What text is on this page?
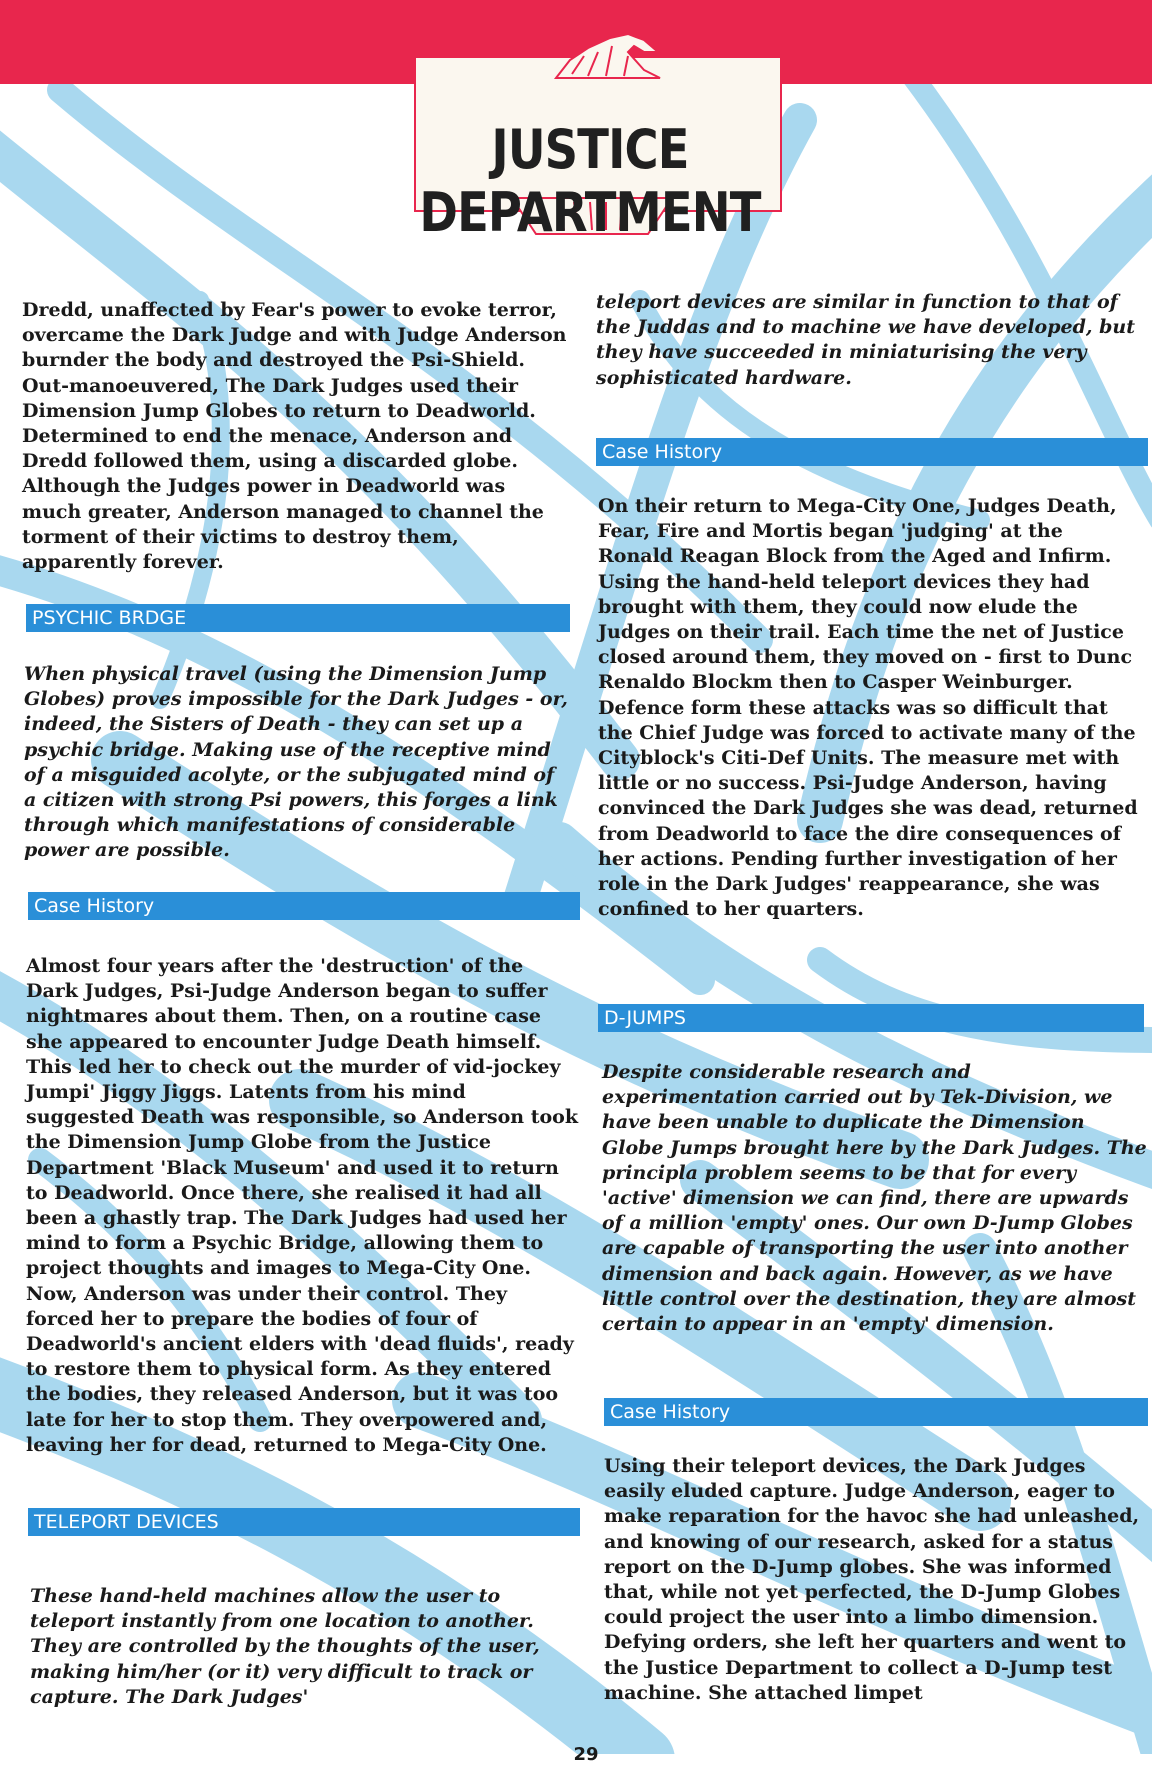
JUSTICE DEPARTMENT

Dredd, unaffected by Fear's power to evoke terror, overcame the Dark Judge and with Judge Anderson burnder the body and destroyed the Psi-Shield. Out-manoeuvered, The Dark Judges used their Dimension Jump Globes to return to Deadworld. Determined to end the menace, Anderson and Dredd followed them, using a discarded globe. Although the Judges power in Deadworld was much greater, Anderson managed to channel the torment of their victims to destroy them, apparently forever.

PSYCHIC BRDGE

When physical travel (using the Dimension Jump Globes) proves impossible for the Dark Judges - or, indeed, the Sisters of Death - they can set up a psychic bridge. Making use of the receptive mind of a misguided acolyte, or the subjugated mind of a citizen with strong Psi powers, this forges a link through which manifestations of considerable power are possible.

Case History

Almost four years after the 'destruction' of the Dark Judges, Psi-Judge Anderson began to suffer nightmares about them. Then, on a routine case she appeared to encounter Judge Death himself. This led her to check out the murder of vid-jockey Jumpi' Jiggy Jiggs. Latents from his mind suggested Death was responsible, so Anderson took the Dimension Jump Globe from the Justice Department 'Black Museum' and used it to return to Deadworld. Once there, she realised it had all been a ghastly trap. The Dark Judges had used her mind to form a Psychic Bridge, allowing them to project thoughts and images to Mega-City One. Now, Anderson was under their control. They forced her to prepare the bodies of four of Deadworld's ancient elders with 'dead fluids', ready to restore them to physical form. As they entered the bodies, they released Anderson, but it was too late for her to stop them. They overpowered and, leaving her for dead, returned to Mega-City One.

TELEPORT DEVICES

These hand-held machines allow the user to teleport instantly from one location to another. They are controlled by the thoughts of the user, making him/her (or it) very difficult to track or capture. The Dark Judges'

teleport devices are similar in function to that of the Juddas and to machine we have developed, but they have succeeded in miniaturising the very sophisticated hardware.

Case History

On their return to Mega-City One, Judges Death, Fear, Fire and Mortis began 'judging' at the Ronald Reagan Block from the Aged and Infirm. Using the hand-held teleport devices they had brought with them, they could now elude the Judges on their trail. Each time the net of Justice closed around them, they moved on - first to Dunc Renaldo Blockm then to Casper Weinburger. Defence form these attacks was so difficult that the Chief Judge was forced to activate many of the Cityblock's Citi-Def Units. The measure met with little or no success. Psi-Judge Anderson, having convinced the Dark Judges she was dead, returned from Deadworld to face the dire consequences of her actions. Pending further investigation of her role in the Dark Judges' reappearance, she was confined to her quarters.

D-JUMPS

Despite considerable research and experimentation carried out by Tek-Division, we have been unable to duplicate the Dimension Globe Jumps brought here by the Dark Judges. The principla problem seems to be that for every 'active' dimension we can find, there are upwards of a million 'empty' ones. Our own D-Jump Globes are capable of transporting the user into another dimension and back again. However, as we have little control over the destination, they are almost certain to appear in an 'empty' dimension.

Case History

Using their teleport devices, the Dark Judges easily eluded capture. Judge Anderson, eager to make reparation for the havoc she had unleashed, and knowing of our research, asked for a status report on the D-Jump globes. She was informed that, while not yet perfected, the D-Jump Globes could project the user into a limbo dimension. Defying orders, she left her quarters and went to the Justice Department to collect a D-Jump test machine. She attached limpet

29
